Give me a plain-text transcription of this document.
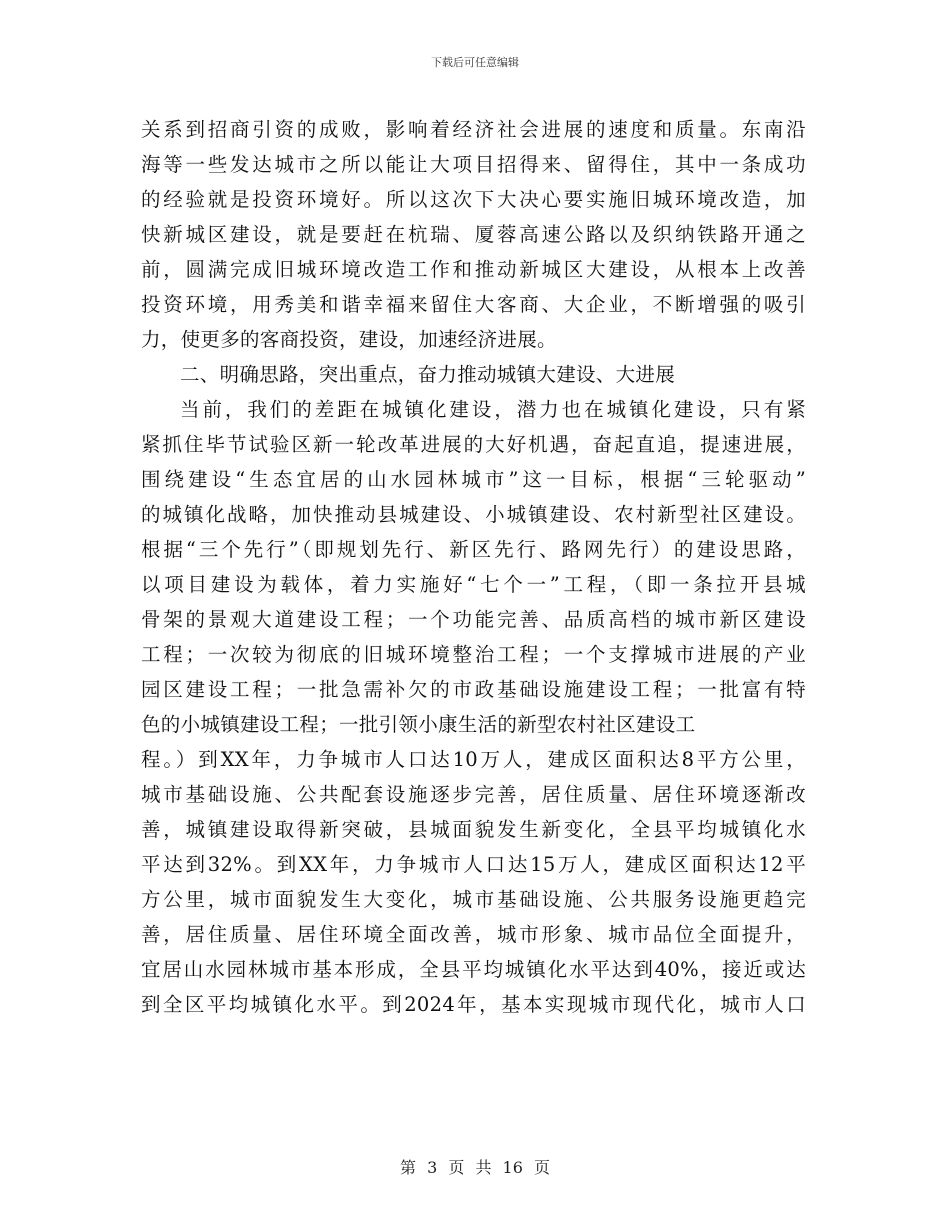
下载后可任意编辑
关系到招商引资的成败，影响着经济社会进展的速度和质量。东南沿
海等一些发达城市之所以能让大项目招得来、留得住，其中一条成功
的经验就是投资环境好。所以这次下大决心要实施旧城环境改造，加
快新城区建设，就是要赶在杭瑞、厦蓉高速公路以及织纳铁路开通之
前，圆满完成旧城环境改造工作和推动新城区大建设，从根本上改善
投资环境，用秀美和谐幸福来留住大客商、大企业，不断增强的吸引
力，使更多的客商投资，建设，加速经济进展。
二、明确思路，突出重点，奋力推动城镇大建设、大进展
当前，我们的差距在城镇化建设，潜力也在城镇化建设，只有紧
紧抓住毕节试验区新一轮改革进展的大好机遇，奋起直追，提速进展，
围绕建设“生态宜居的山水园林城市”这一目标，根据“三轮驱动”
的城镇化战略，加快推动县城建设、小城镇建设、农村新型社区建设。
根据“三个先行”（即规划先行、新区先行、路网先行）的建设思路，
以项目建设为载体，着力实施好“七个一”工程，（即一条拉开县城
骨架的景观大道建设工程；一个功能完善、品质高档的城市新区建设
工程；一次较为彻底的旧城环境整治工程；一个支撑城市进展的产业
园区建设工程；一批急需补欠的市政基础设施建设工程；一批富有特
色的小城镇建设工程；一批引领小康生活的新型农村社区建设工
程。）到XX年，力争城市人口达10万人，建成区面积达8平方公里，
城市基础设施、公共配套设施逐步完善，居住质量、居住环境逐渐改
善，城镇建设取得新突破，县城面貌发生新变化，全县平均城镇化水
平达到32%。到XX年，力争城市人口达15万人，建成区面积达12平
方公里，城市面貌发生大变化，城市基础设施、公共服务设施更趋完
善，居住质量、居住环境全面改善，城市形象、城市品位全面提升，
宜居山水园林城市基本形成，全县平均城镇化水平达到40%，接近或达
到全区平均城镇化水平。到2024年，基本实现城市现代化，城市人口
第 3 页 共 16 页
